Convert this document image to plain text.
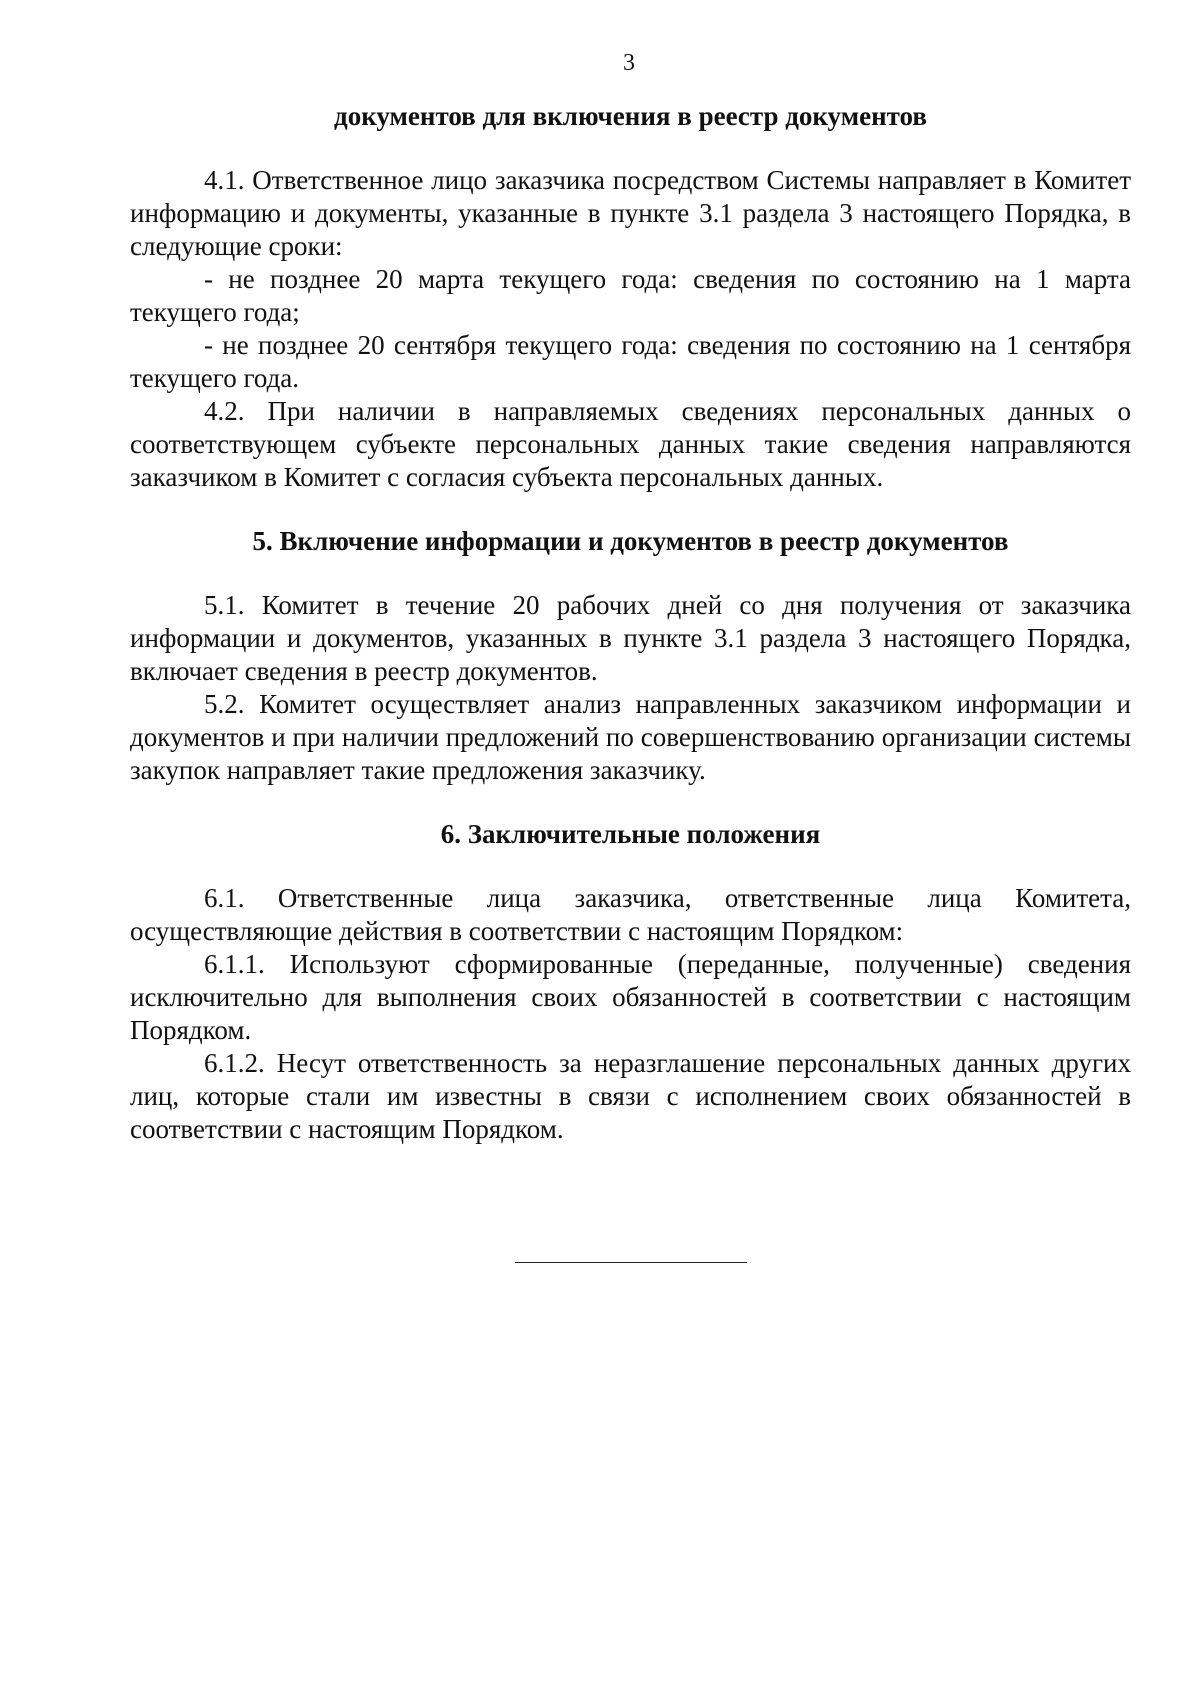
3
документов для включения в реестр документов

4.1. Ответственное лицо заказчика посредством Системы направляет в Комитет информацию и документы, указанные в пункте 3.1 раздела 3 настоящего Порядка, в следующие сроки:

- не позднее 20 марта текущего года: сведения по состоянию на 1 марта текущего года;

- не позднее 20 сентября текущего года: сведения по состоянию на 1 сентября текущего года.

4.2. При наличии в направляемых сведениях персональных данных о соответствующем субъекте персональных данных такие сведения направляются заказчиком в Комитет с согласия субъекта персональных данных.

5. Включение информации и документов в реестр документов

5.1. Комитет в течение 20 рабочих дней со дня получения от заказчика информации и документов, указанных в пункте 3.1 раздела 3 настоящего Порядка, включает сведения в реестр документов.

5.2. Комитет осуществляет анализ направленных заказчиком информации и документов и при наличии предложений по совершенствованию организации системы закупок направляет такие предложения заказчику.

6. Заключительные положения

6.1. Ответственные лица заказчика, ответственные лица Комитета, осуществляющие действия в соответствии с настоящим Порядком:

6.1.1. Используют сформированные (переданные, полученные) сведения исключительно для выполнения своих обязанностей в соответствии с настоящим Порядком.

6.1.2. Несут ответственность за неразглашение персональных данных других лиц, которые стали им известны в связи с исполнением своих обязанностей в соответствии с настоящим Порядком.
